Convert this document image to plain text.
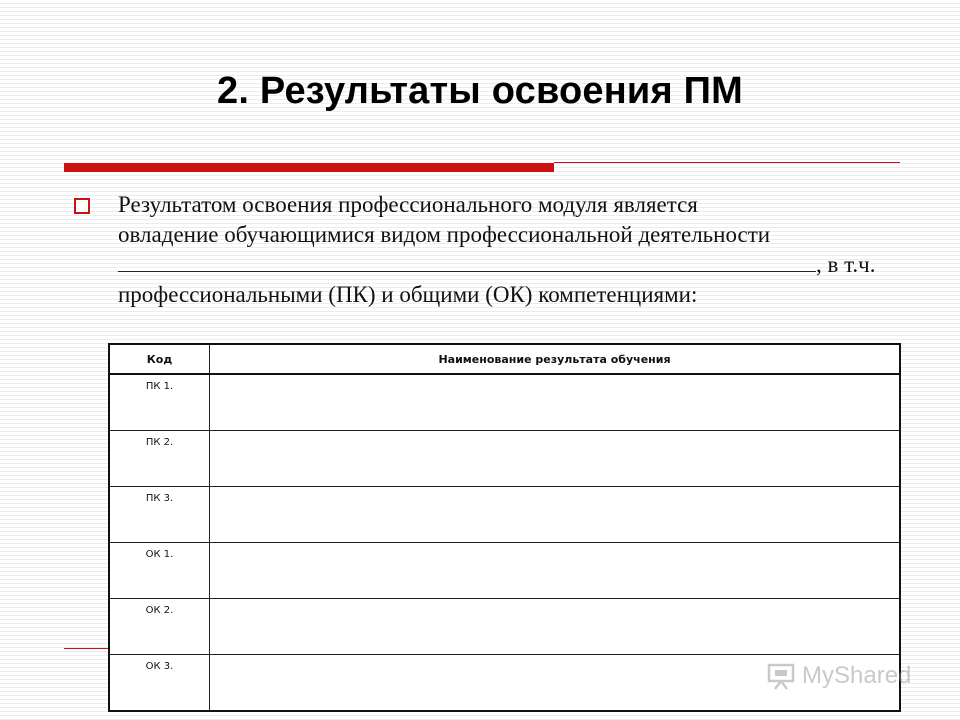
2. Результаты освоения ПМ

Результатом освоения профессионального модуля является
овладение обучающимися видом профессиональной деятельности
, в т.ч.
профессиональными (ПК) и общими (ОК) компетенциями:

Код	Наименование результата обучения
ПК 1.	
ПК 2.	
ПК 3.	
ОК 1.	
ОК 2.	
ОК 3.		MyShared
